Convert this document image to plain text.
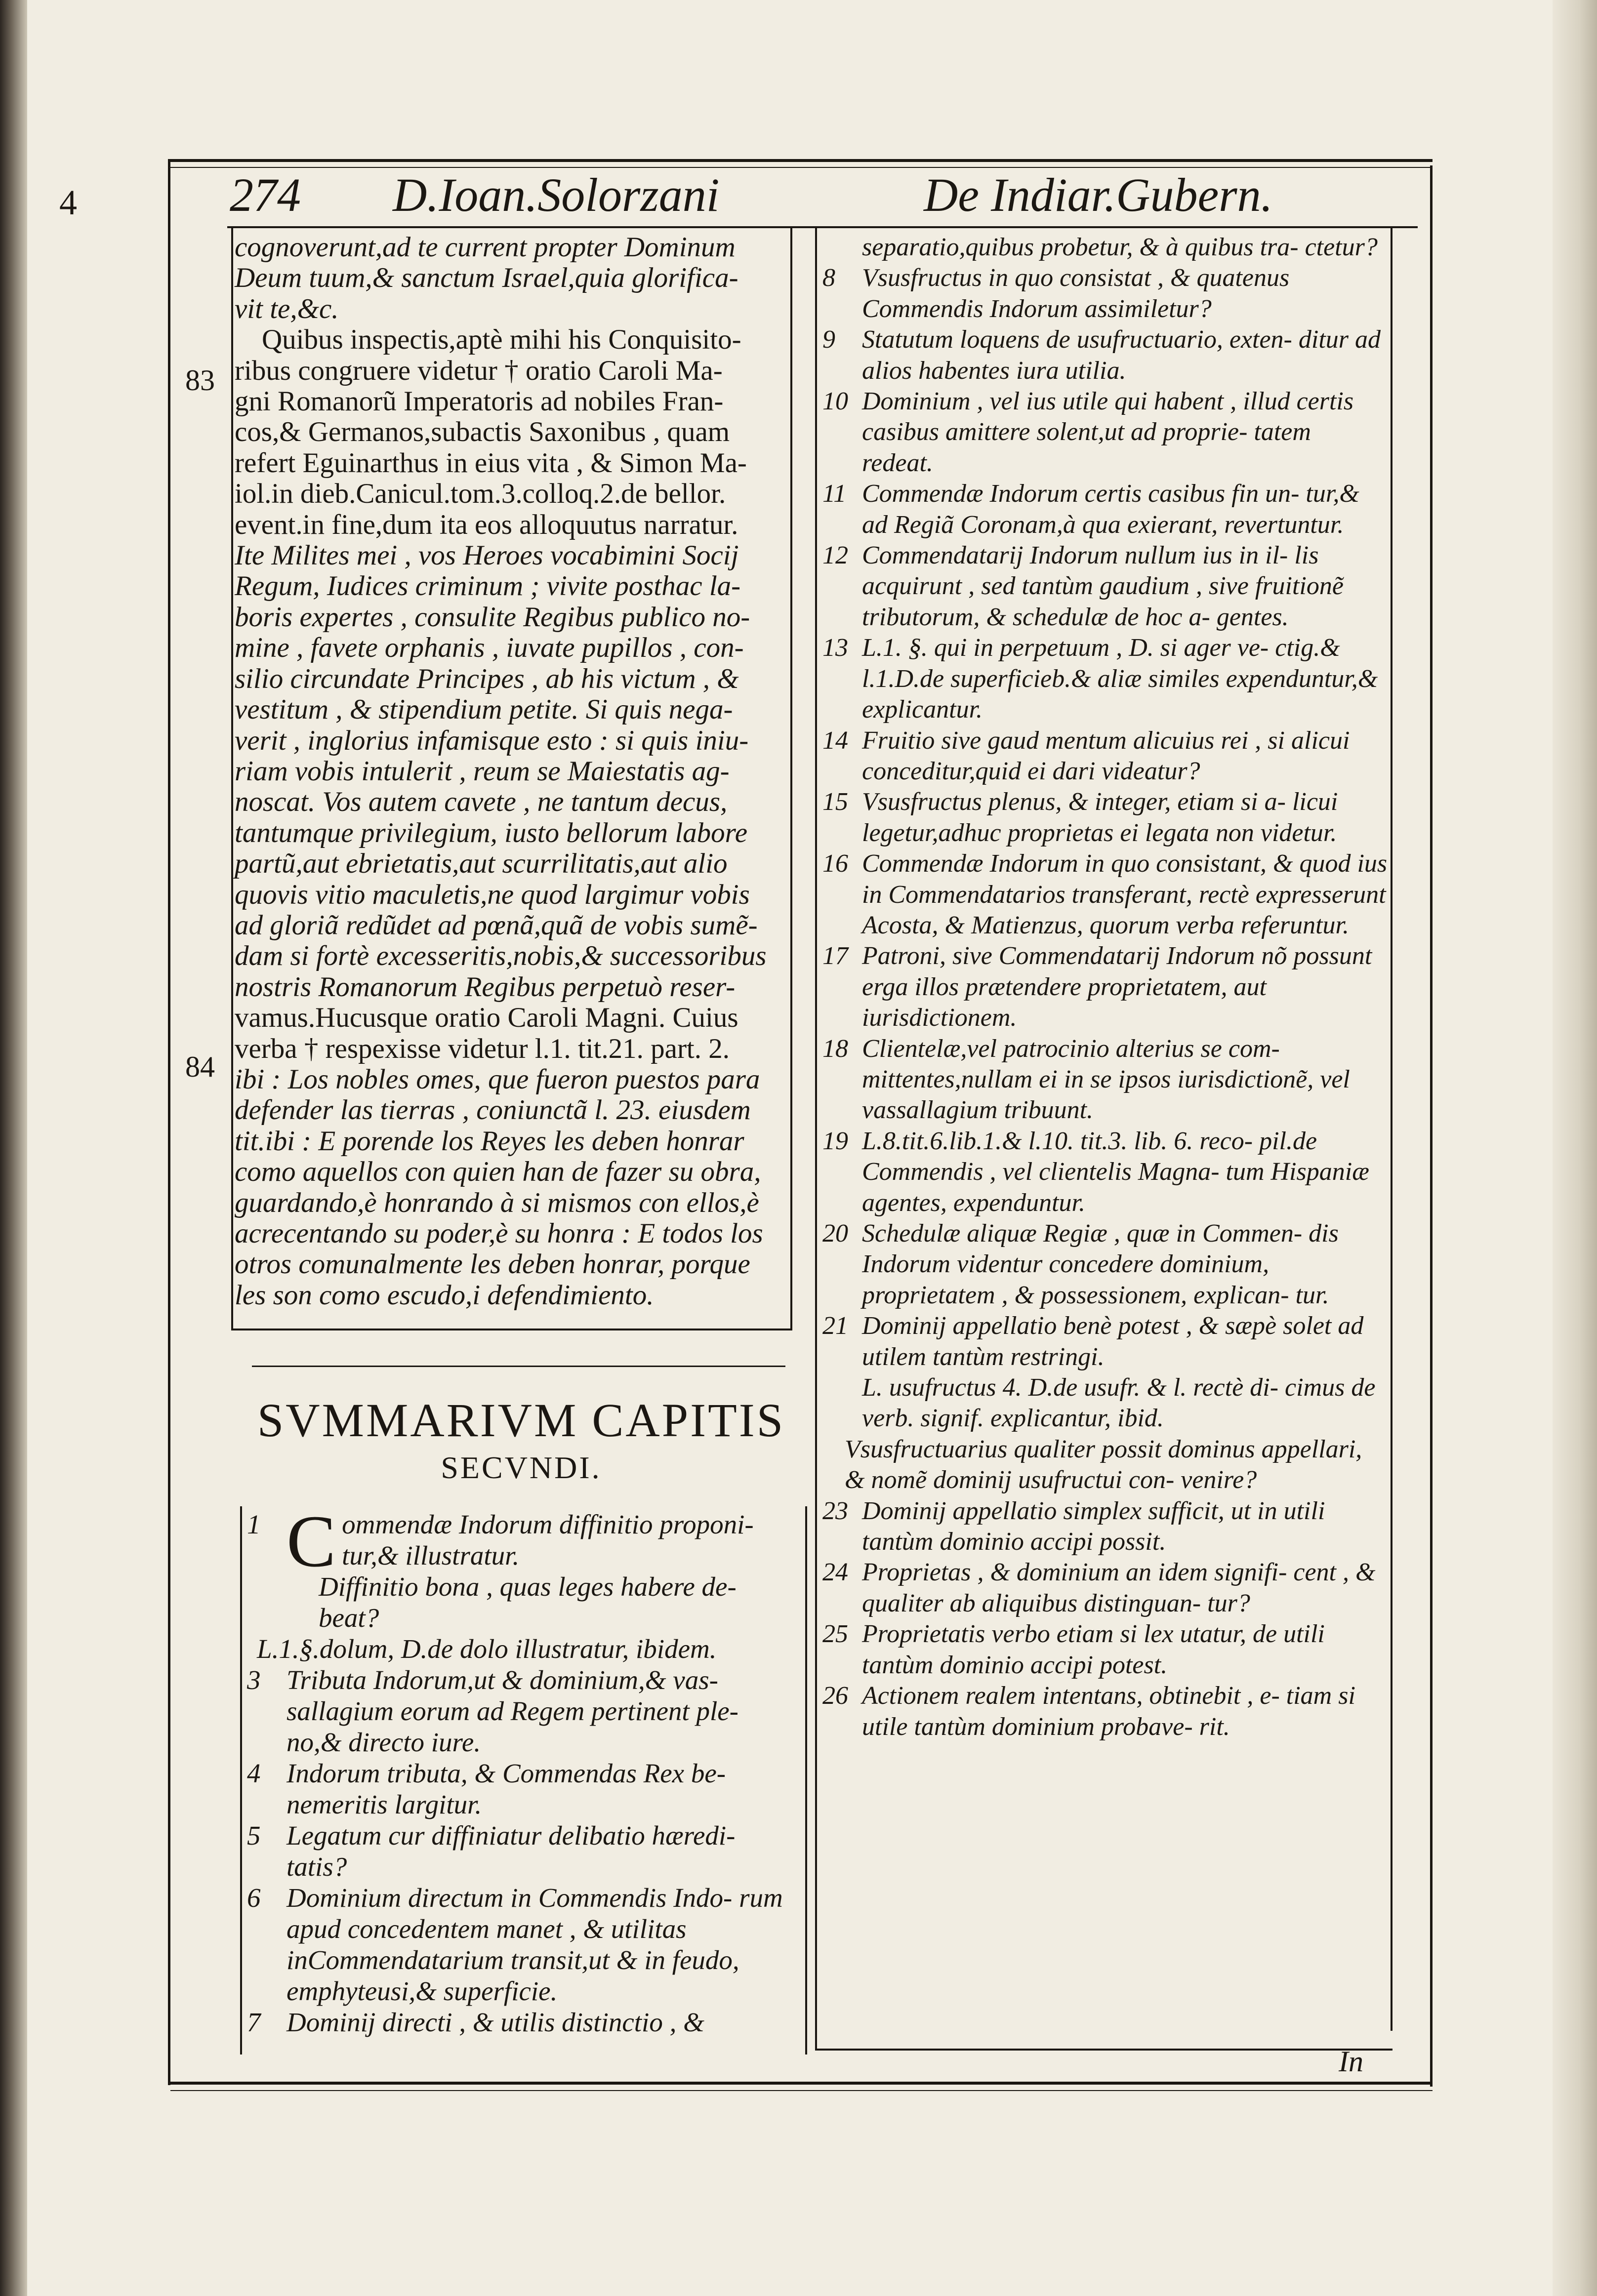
4	274 D.Ioan.Solorzani	De Indiar.Gubern.
83
84

cognoverunt,ad te current propter Dominum

Deum tuum,& sanctum Israel,quia glorifica-

vit te,&c.

Quibus inspectis,aptè mihi his Conquisito-

ribus congruere videtur † oratio Caroli Ma-

gni Romanorũ Imperatoris ad nobiles Fran-

cos,& Germanos,subactis Saxonibus , quam

refert Eguinarthus in eius vita , & Simon Ma-

iol.in dieb.Canicul.tom.3.colloq.2.de bellor.

event.in fine,dum ita eos alloquutus narratur.

Ite Milites mei , vos Heroes vocabimini Socij

Regum, Iudices criminum ; vivite posthac la-

boris expertes , consulite Regibus publico no-

mine , favete orphanis , iuvate pupillos , con-

silio circundate Principes , ab his victum , &

vestitum , & stipendium petite. Si quis nega-

verit , inglorius infamisque esto : si quis iniu-

riam vobis intulerit , reum se Maiestatis ag-

noscat. Vos autem cavete , ne tantum decus,

tantumque privilegium, iusto bellorum labore

partũ,aut ebrietatis,aut scurrilitatis,aut alio

quovis vitio maculetis,ne quod largimur vobis

ad gloriã redũdet ad pœnã,quã de vobis sumẽ-

dam si fortè excesseritis,nobis,& successoribus

nostris Romanorum Regibus perpetuò reser-

vamus.Hucusque oratio Caroli Magni. Cuius

verba † respexisse videtur l.1. tit.21. part. 2.

ibi : Los nobles omes, que fueron puestos para

defender las tierras , coniunctã l. 23. eiusdem

tit.ibi : E porende los Reyes les deben honrar

como aquellos con quien han de fazer su obra,

guardando,è honrando à si mismos con ellos,è

acrecentando su poder,è su honra : E todos los

otros comunalmente les deben honrar, porque

les son como escudo,i defendimiento.

SVMMARIVM CAPITIS
SECVNDI.
1 C ommendæ Indorum diffinitio proponi- tur,& illustratur.
Diffinitio bona , quas leges habere de- beat?
L.1.§.dolum, D.de dolo illustratur, ibidem.
3 Tributa Indorum,ut & dominium,& vas- sallagium eorum ad Regem pertinent ple- no,& directo iure.
4 Indorum tributa, & Commendas Rex be- nemeritis largitur.
5 Legatum cur diffiniatur delibatio hæredi- tatis?
6 Dominium directum in Commendis Indo- rum apud concedentem manet , & utilitas inCommendatarium transit,ut & in feudo, emphyteusi,& superficie.
7 Dominij directi , & utilis distinctio , &
separatio,quibus probetur, & à quibus tra- ctetur?
8 Vsusfructus in quo consistat , & quatenus Commendis Indorum assimiletur?
9 Statutum loquens de usufructuario, exten- ditur ad alios habentes iura utilia.
10 Dominium , vel ius utile qui habent , illud certis casibus amittere solent,ut ad proprie- tatem redeat.
11 Commendæ Indorum certis casibus fin un- tur,& ad Regiã Coronam,à qua exierant, revertuntur.
12 Commendatarij Indorum nullum ius in il- lis acquirunt , sed tantùm gaudium , sive fruitionẽ tributorum, & schedulæ de hoc a- gentes.
13 L.1. §. qui in perpetuum , D. si ager ve- ctig.& l.1.D.de superficieb.& aliæ similes expenduntur,& explicantur.
14 Fruitio sive gaud mentum alicuius rei , si alicui conceditur,quid ei dari videatur?
15 Vsusfructus plenus, & integer, etiam si a- licui legetur,adhuc proprietas ei legata non videtur.
16 Commendæ Indorum in quo consistant, & quod ius in Commendatarios transferant, rectè expresserunt Acosta, & Matienzus, quorum verba referuntur.
17 Patroni, sive Commendatarij Indorum nõ possunt erga illos prætendere proprietatem, aut iurisdictionem.
18 Clientelæ,vel patrocinio alterius se com- mittentes,nullam ei in se ipsos iurisdictionẽ, vel vassallagium tribuunt.
19 L.8.tit.6.lib.1.& l.10. tit.3. lib. 6. reco- pil.de Commendis , vel clientelis Magna- tum Hispaniæ agentes, expenduntur.
20 Schedulæ aliquæ Regiæ , quæ in Commen- dis Indorum videntur concedere dominium, proprietatem , & possessionem, explican- tur.
21 Dominij appellatio benè potest , & sæpè solet ad utilem tantùm restringi.
L. usufructus 4. D.de usufr. & l. rectè di- cimus de verb. signif. explicantur, ibid.
Vsusfructuarius qualiter possit dominus appellari, & nomẽ dominij usufructui con- venire?
23 Dominij appellatio simplex sufficit, ut in utili tantùm dominio accipi possit.
24 Proprietas , & dominium an idem signifi- cent , & qualiter ab aliquibus distinguan- tur?
25 Proprietatis verbo etiam si lex utatur, de utili tantùm dominio accipi potest.
26 Actionem realem intentans, obtinebit , e- tiam si utile tantùm dominium probave- rit.
In
